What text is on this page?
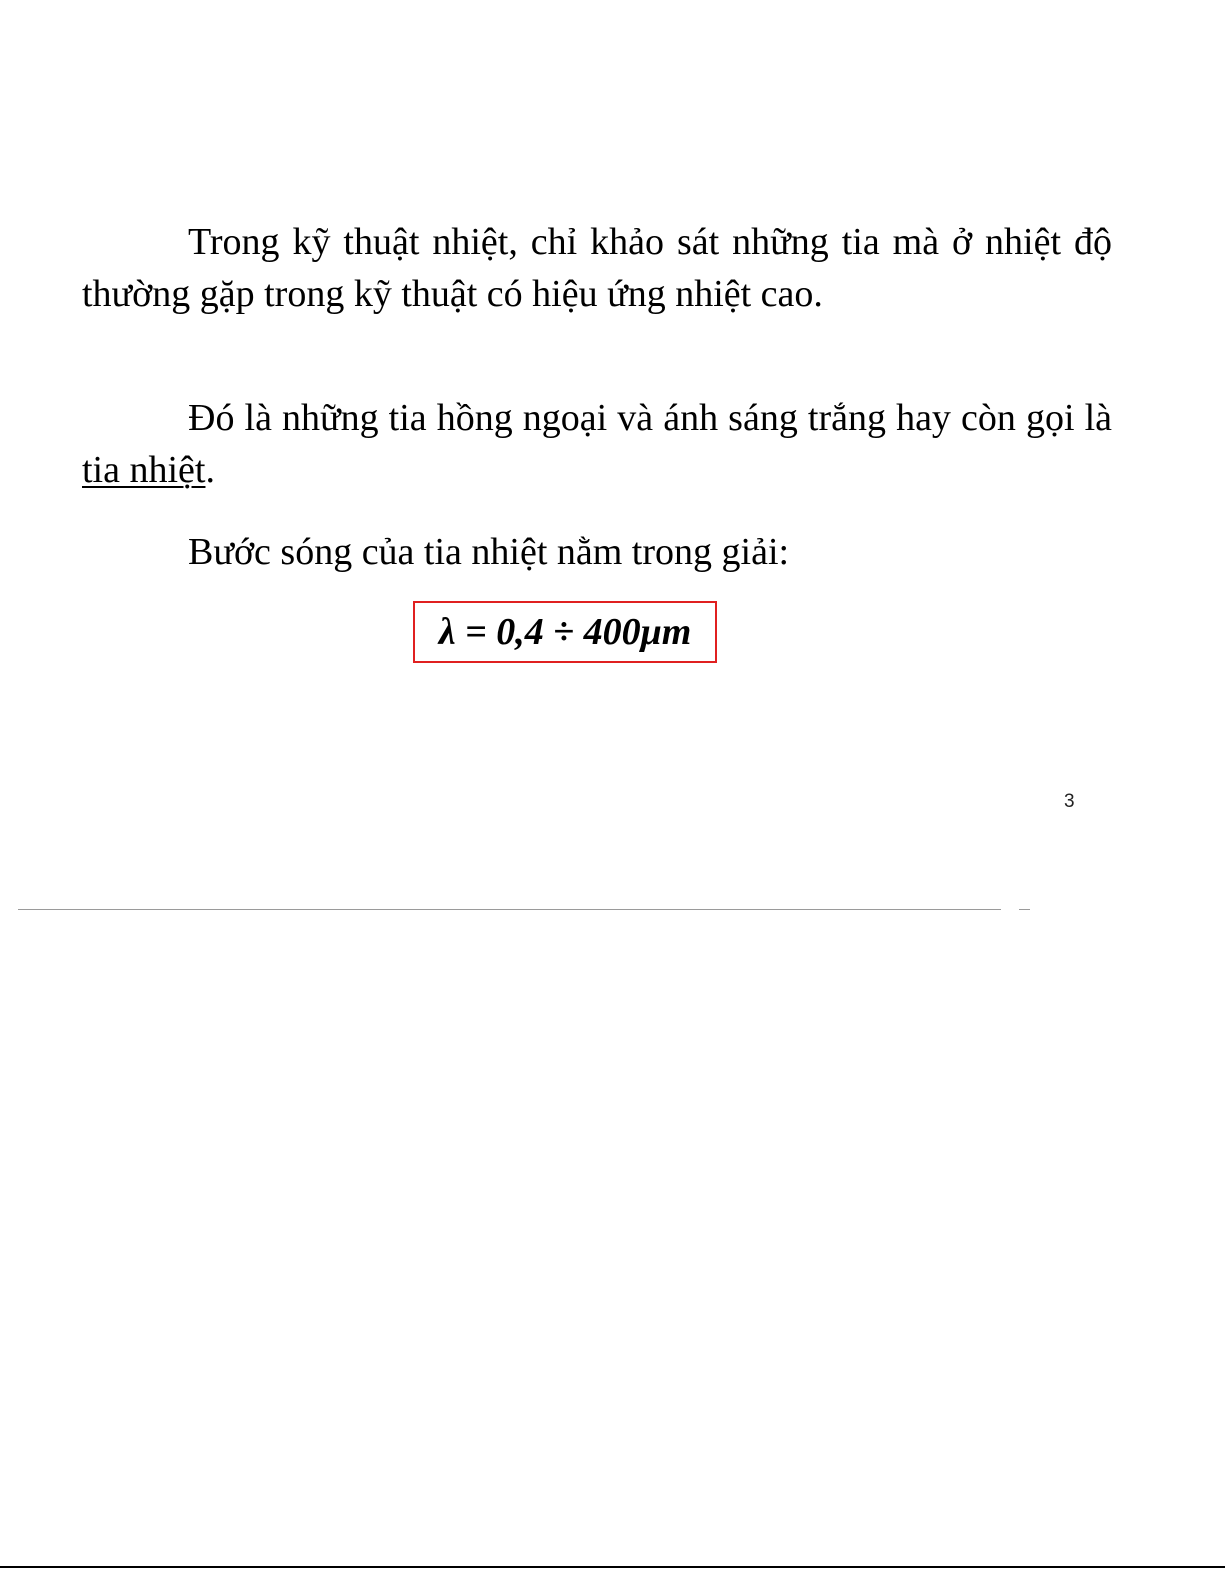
Trong kỹ thuật nhiệt, chỉ khảo sát những tia mà ở nhiệt độ thường gặp trong kỹ thuật có hiệu ứng nhiệt cao.

Đó là những tia hồng ngoại và ánh sáng trắng hay còn gọi là tia nhiệt.

Bước sóng của tia nhiệt nằm trong giải:

λ = 0,4 ÷ 400μm
3
